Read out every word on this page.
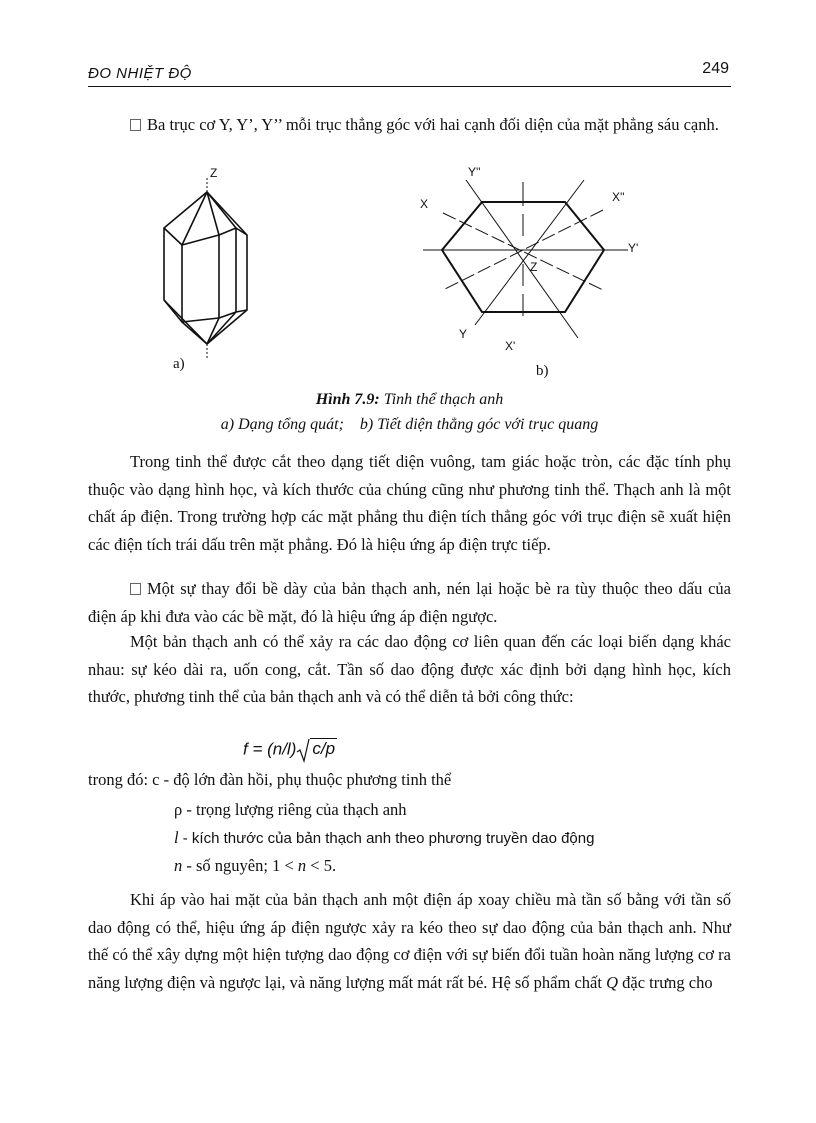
ĐO NHIỆT ĐỘ	249
Ba trục cơ Y, Y’, Y’’ mỗi trục thẳng góc với hai cạnh đối diện của mặt phẳng sáu cạnh.
Z
a)
Y''
X	X''
Y'
Z
Y
X'
b)
Hình 7.9: Tinh thể thạch anh
a) Dạng tổng quát;    b) Tiết diện thẳng góc với trục quang
Trong tinh thể được cắt theo dạng tiết diện vuông, tam giác hoặc tròn, các đặc tính phụ thuộc vào dạng hình học, và kích thước của chúng cũng như phương tinh thể. Thạch anh là một chất áp điện. Trong trường hợp các mặt phẳng thu điện tích thẳng góc với trục điện sẽ xuất hiện các điện tích trái dấu trên mặt phẳng. Đó là hiệu ứng áp điện trực tiếp.
Một sự thay đổi bề dày của bản thạch anh, nén lại hoặc bè ra tùy thuộc theo dấu của điện áp khi đưa vào các bề mặt, đó là hiệu ứng áp điện ngược.
Một bản thạch anh có thể xảy ra các dao động cơ liên quan đến các loại biến dạng khác nhau: sự kéo dài ra, uốn cong, cắt. Tần số dao động được xác định bởi dạng hình học, kích thước, phương tinh thể của bản thạch anh và có thể diễn tả bởi công thức:
f = (n/l) c/p
trong đó: c - độ lớn đàn hồi, phụ thuộc phương tinh thể
ρ - trọng lượng riêng của thạch anh
l - kích thước của bản thạch anh theo phương truyền dao động
n - số nguyên; 1 < n < 5.
Khi áp vào hai mặt của bản thạch anh một điện áp xoay chiều mà tần số bằng với tần số dao động có thể, hiệu ứng áp điện ngược xảy ra kéo theo sự dao động của bản thạch anh. Như thế có thể xây dựng một hiện tượng dao động cơ điện với sự biến đổi tuần hoàn năng lượng cơ ra năng lượng điện và ngược lại, và năng lượng mất mát rất bé. Hệ số phẩm chất Q đặc trưng cho
